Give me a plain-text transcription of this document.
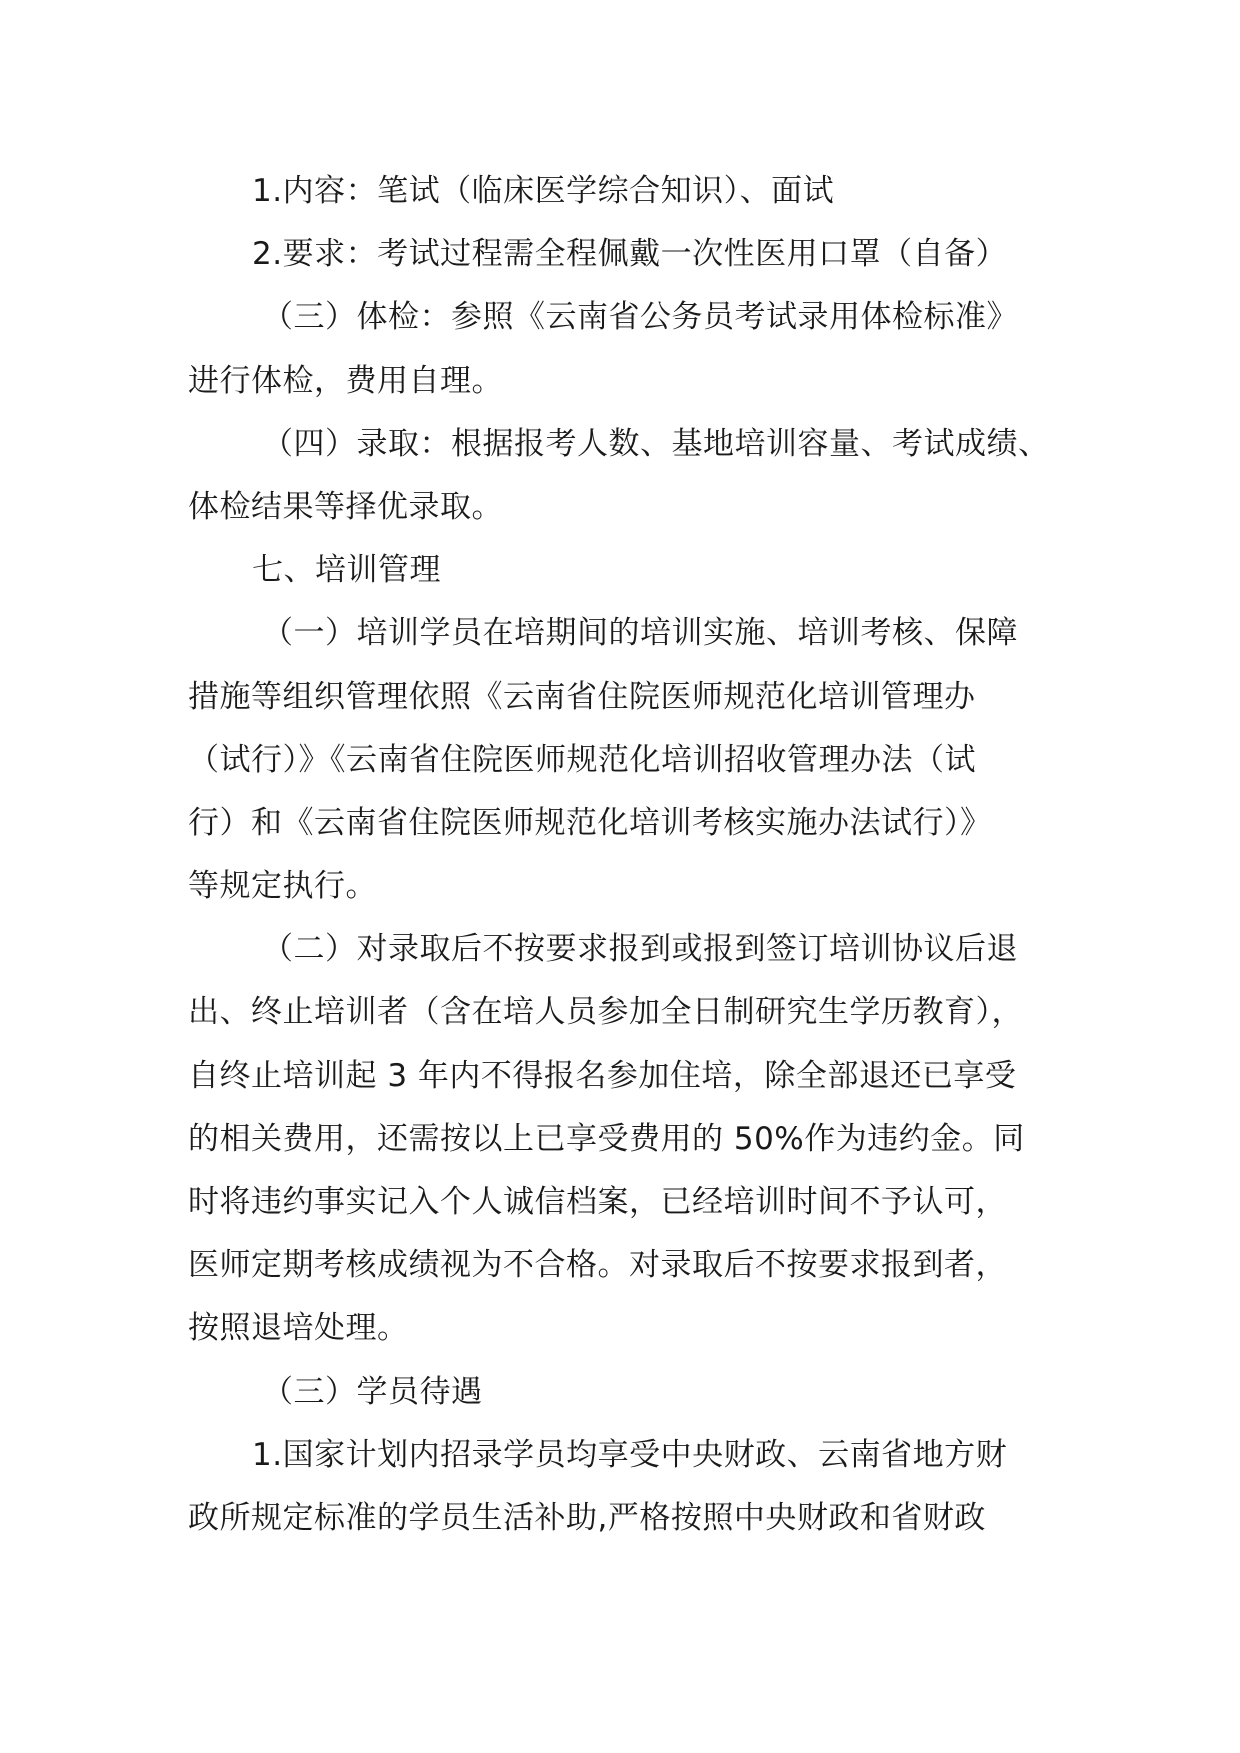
1.内容：笔试（临床医学综合知识）、面试
2.要求：考试过程需全程佩戴一次性医用口罩（自备）
（三）体检：参照《云南省公务员考试录用体检标准》
进行体检，费用自理。
（四）录取：根据报考人数、基地培训容量、考试成绩、
体检结果等择优录取。
七、培训管理
（一）培训学员在培期间的培训实施、培训考核、保障
措施等组织管理依照《云南省住院医师规范化培训管理办
（试行）》《云南省住院医师规范化培训招收管理办法（试
行）和《云南省住院医师规范化培训考核实施办法试行）》
等规定执行。
（二）对录取后不按要求报到或报到签订培训协议后退
出、终止培训者（含在培人员参加全日制研究生学历教育），
自终止培训起 3 年内不得报名参加住培，除全部退还已享受
的相关费用，还需按以上已享受费用的 50%作为违约金。同
时将违约事实记入个人诚信档案，已经培训时间不予认可，
医师定期考核成绩视为不合格。对录取后不按要求报到者，
按照退培处理。
（三）学员待遇
1.国家计划内招录学员均享受中央财政、云南省地方财
政所规定标准的学员生活补助,严格按照中央财政和省财政
